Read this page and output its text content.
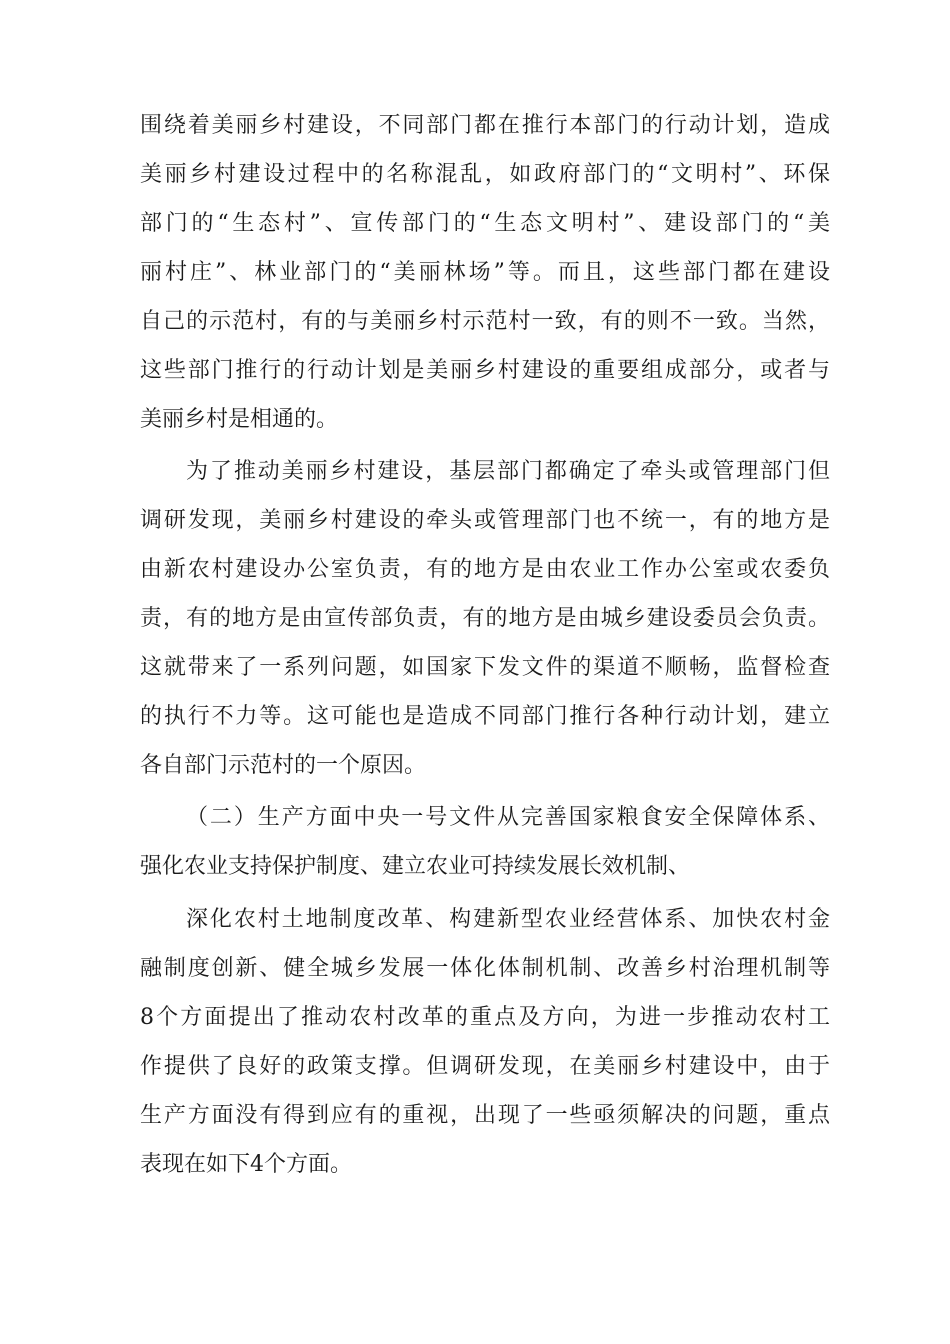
围绕着美丽乡村建设，不同部门都在推行本部门的行动计划，造成
美丽乡村建设过程中的名称混乱，如政府部门的“文明村”、环保
部门的“生态村”、宣传部门的“生态文明村”、建设部门的“美
丽村庄”、林业部门的“美丽林场”等。而且，这些部门都在建设
自己的示范村，有的与美丽乡村示范村一致，有的则不一致。当然，
这些部门推行的行动计划是美丽乡村建设的重要组成部分，或者与
美丽乡村是相通的。
为了推动美丽乡村建设，基层部门都确定了牵头或管理部门但
调研发现，美丽乡村建设的牵头或管理部门也不统一，有的地方是
由新农村建设办公室负责，有的地方是由农业工作办公室或农委负
责，有的地方是由宣传部负责，有的地方是由城乡建设委员会负责。
这就带来了一系列问题，如国家下发文件的渠道不顺畅，监督检查
的执行不力等。这可能也是造成不同部门推行各种行动计划，建立
各自部门示范村的一个原因。
（二）生产方面中央一号文件从完善国家粮食安全保障体系、
强化农业支持保护制度、建立农业可持续发展长效机制、
深化农村土地制度改革、构建新型农业经营体系、加快农村金
融制度创新、健全城乡发展一体化体制机制、改善乡村治理机制等
8个方面提出了推动农村改革的重点及方向，为进一步推动农村工
作提供了良好的政策支撑。但调研发现，在美丽乡村建设中，由于
生产方面没有得到应有的重视，出现了一些亟须解决的问题，重点
表现在如下4个方面。
